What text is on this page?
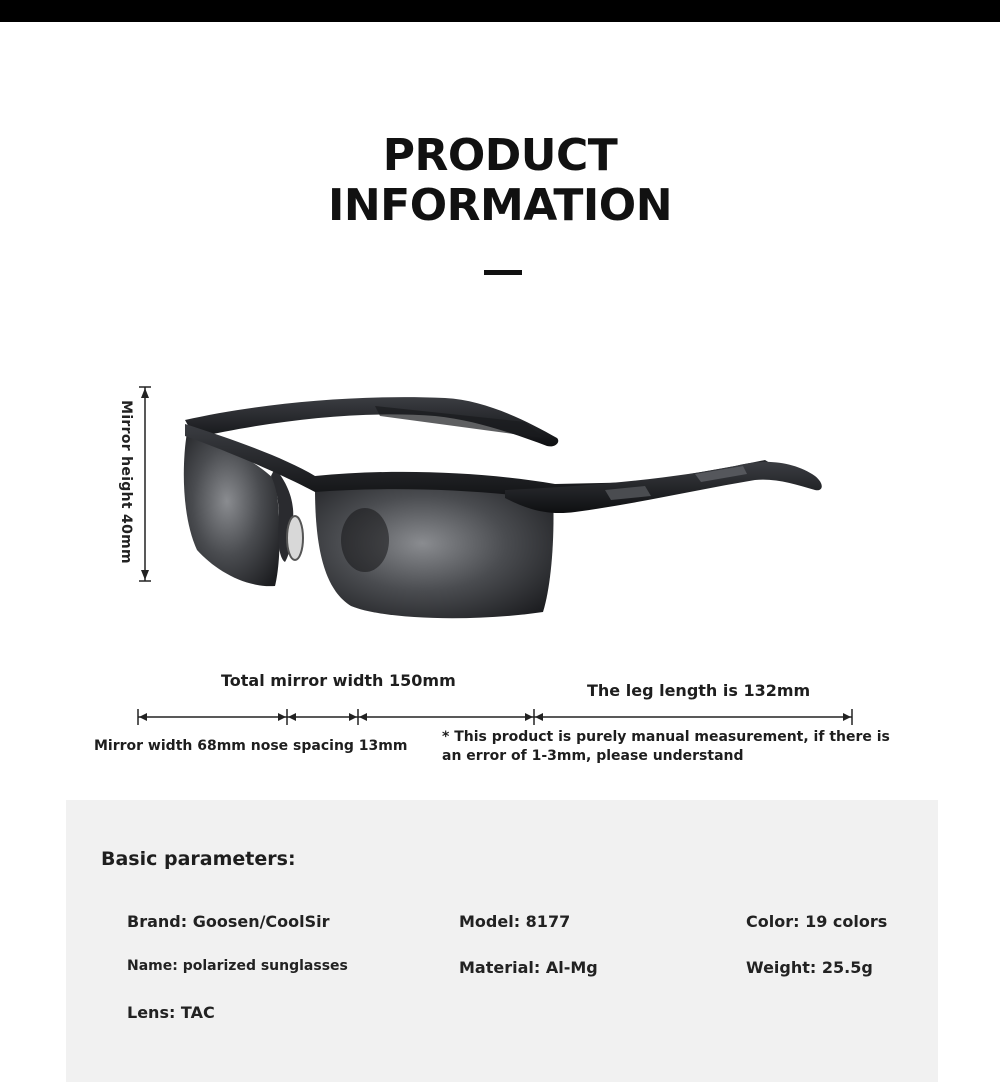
PRODUCT
INFORMATION
Mirror height 40mm
Total mirror width 150mm
The leg length is 132mm
Mirror width 68mm nose spacing 13mm
* This product is purely manual measurement, if there is an error of 1-3mm, please understand
Basic parameters:
Brand: Goosen/CoolSir	Model: 8177	Color: 19 colors
Name: polarized sunglasses	Material: Al-Mg	Weight: 25.5g
Lens: TAC
